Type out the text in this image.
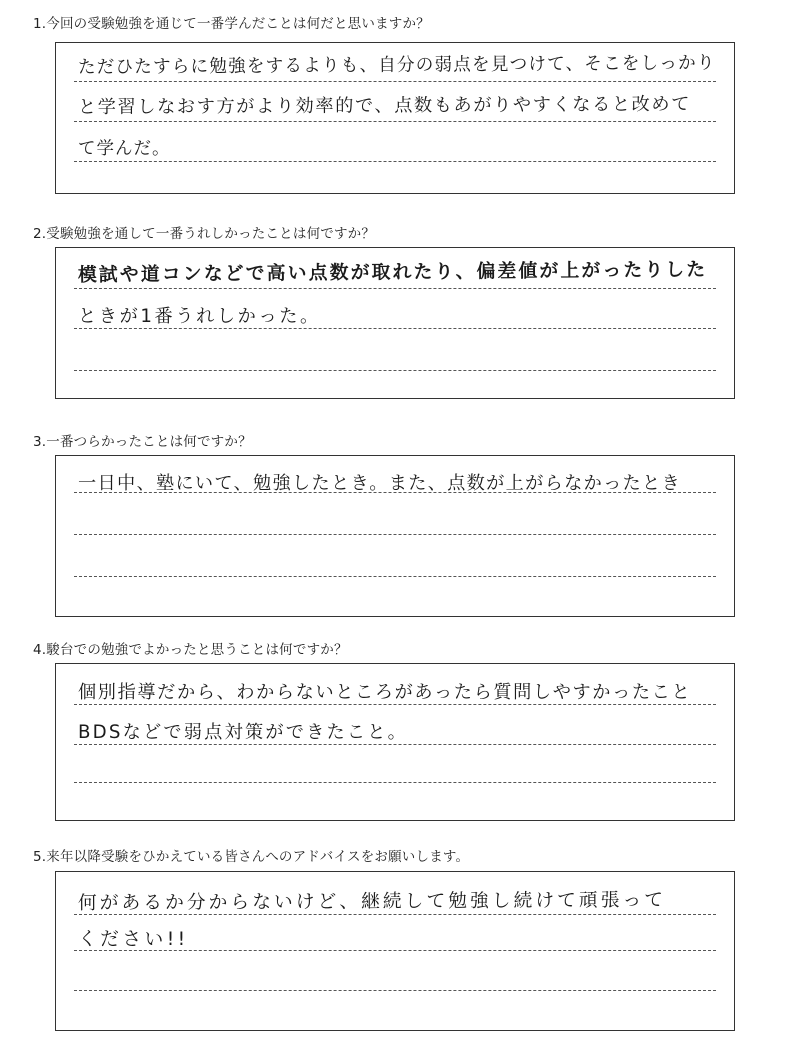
1.今回の受験勉強を通じて一番学んだことは何だと思いますか？
ただひたすらに勉強をするよりも、自分の弱点を見つけて、そこをしっかり
と学習しなおす方がより効率的で、点数もあがりやすくなると改めて
て学んだ。
2.受験勉強を通して一番うれしかったことは何ですか？
模試や道コンなどで高い点数が取れたり、偏差値が上がったりした
ときが1番うれしかった。
3.一番つらかったことは何ですか？
一日中、塾にいて、勉強したとき。また、点数が上がらなかったとき
4.駿台での勉強でよかったと思うことは何ですか？
個別指導だから、わからないところがあったら質問しやすかったこと
BDSなどで弱点対策ができたこと。
5.来年以降受験をひかえている皆さんへのアドバイスをお願いします。
何があるか分からないけど、継続して勉強し続けて頑張って
ください!!
